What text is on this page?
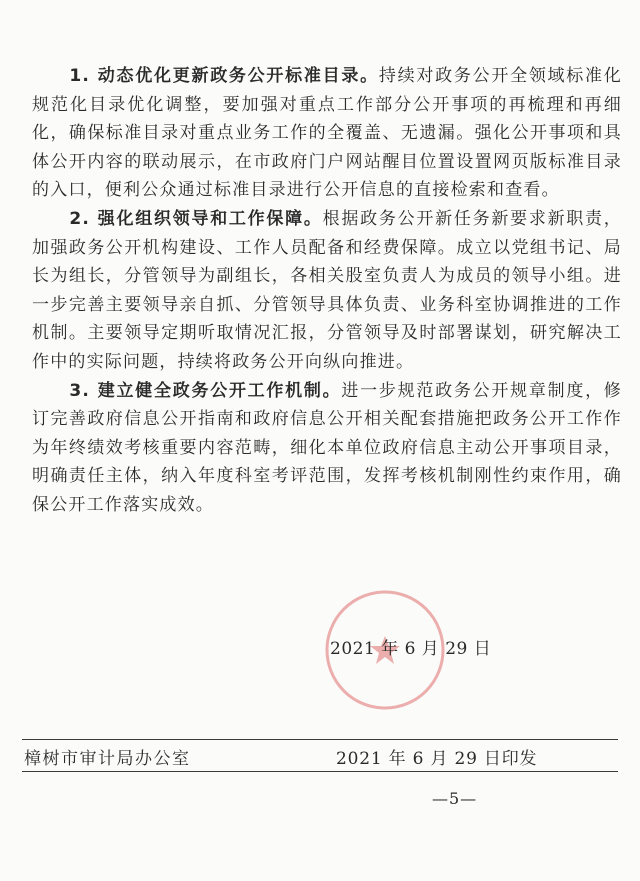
1. 动态优化更新政务公开标准目录。持续对政务公开全领域标准化规范化目录优化调整，要加强对重点工作部分公开事项的再梳理和再细化，确保标准目录对重点业务工作的全覆盖、无遗漏。强化公开事项和具体公开内容的联动展示，在市政府门户网站醒目位置设置网页版标准目录的入口，便利公众通过标准目录进行公开信息的直接检索和查看。

2. 强化组织领导和工作保障。根据政务公开新任务新要求新职责，加强政务公开机构建设、工作人员配备和经费保障。成立以党组书记、局长为组长，分管领导为副组长，各相关股室负责人为成员的领导小组。进一步完善主要领导亲自抓、分管领导具体负责、业务科室协调推进的工作机制。主要领导定期听取情况汇报，分管领导及时部署谋划，研究解决工作中的实际问题，持续将政务公开向纵向推进。

3. 建立健全政务公开工作机制。进一步规范政务公开规章制度，修订完善政府信息公开指南和政府信息公开相关配套措施把政务公开工作作为年终绩效考核重要内容范畴，细化本单位政府信息主动公开事项目录，明确责任主体，纳入年度科室考评范围，发挥考核机制刚性约束作用，确保公开工作落实成效。

2021 年 6 月 29 日
樟树市审计局办公室	2021 年 6 月 29 日印发
—5—
